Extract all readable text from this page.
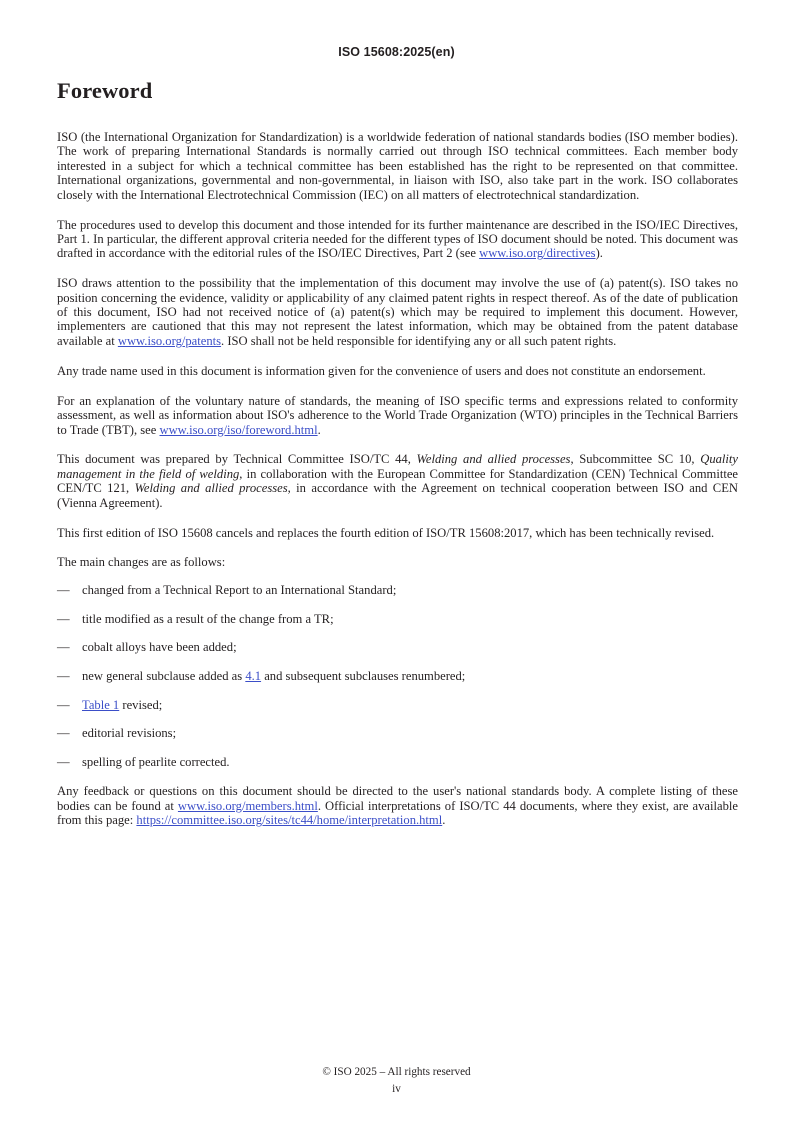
ISO 15608:2025(en)
Foreword

ISO (the International Organization for Standardization) is a worldwide federation of national standards bodies (ISO member bodies). The work of preparing International Standards is normally carried out through ISO technical committees. Each member body interested in a subject for which a technical committee has been established has the right to be represented on that committee. International organizations, governmental and non-governmental, in liaison with ISO, also take part in the work. ISO collaborates closely with the International Electrotechnical Commission (IEC) on all matters of electrotechnical standardization.

The procedures used to develop this document and those intended for its further maintenance are described in the ISO/IEC Directives, Part 1. In particular, the different approval criteria needed for the different types of ISO document should be noted. This document was drafted in accordance with the editorial rules of the ISO/IEC Directives, Part 2 (see www.iso.org/directives).

ISO draws attention to the possibility that the implementation of this document may involve the use of (a) patent(s). ISO takes no position concerning the evidence, validity or applicability of any claimed patent rights in respect thereof. As of the date of publication of this document, ISO had not received notice of (a) patent(s) which may be required to implement this document. However, implementers are cautioned that this may not represent the latest information, which may be obtained from the patent database available at www.iso.org/patents. ISO shall not be held responsible for identifying any or all such patent rights.

Any trade name used in this document is information given for the convenience of users and does not constitute an endorsement.

For an explanation of the voluntary nature of standards, the meaning of ISO specific terms and expressions related to conformity assessment, as well as information about ISO's adherence to the World Trade Organization (WTO) principles in the Technical Barriers to Trade (TBT), see www.iso.org/iso/foreword.html.

This document was prepared by Technical Committee ISO/TC 44, Welding and allied processes, Subcommittee SC 10, Quality management in the field of welding, in collaboration with the European Committee for Standardization (CEN) Technical Committee CEN/TC 121, Welding and allied processes, in accordance with the Agreement on technical cooperation between ISO and CEN (Vienna Agreement).

This first edition of ISO 15608 cancels and replaces the fourth edition of ISO/TR 15608:2017, which has been technically revised.

The main changes are as follows:

— changed from a Technical Report to an International Standard;
— title modified as a result of the change from a TR;
— cobalt alloys have been added;
— new general subclause added as 4.1 and subsequent subclauses renumbered;
— Table 1 revised;
— editorial revisions;
— spelling of pearlite corrected.

Any feedback or questions on this document should be directed to the user's national standards body. A complete listing of these bodies can be found at www.iso.org/members.html. Official interpretations of ISO/TC 44 documents, where they exist, are available from this page: https://committee.iso.org/sites/tc44/home/interpretation.html.

© ISO 2025 – All rights reserved
iv
